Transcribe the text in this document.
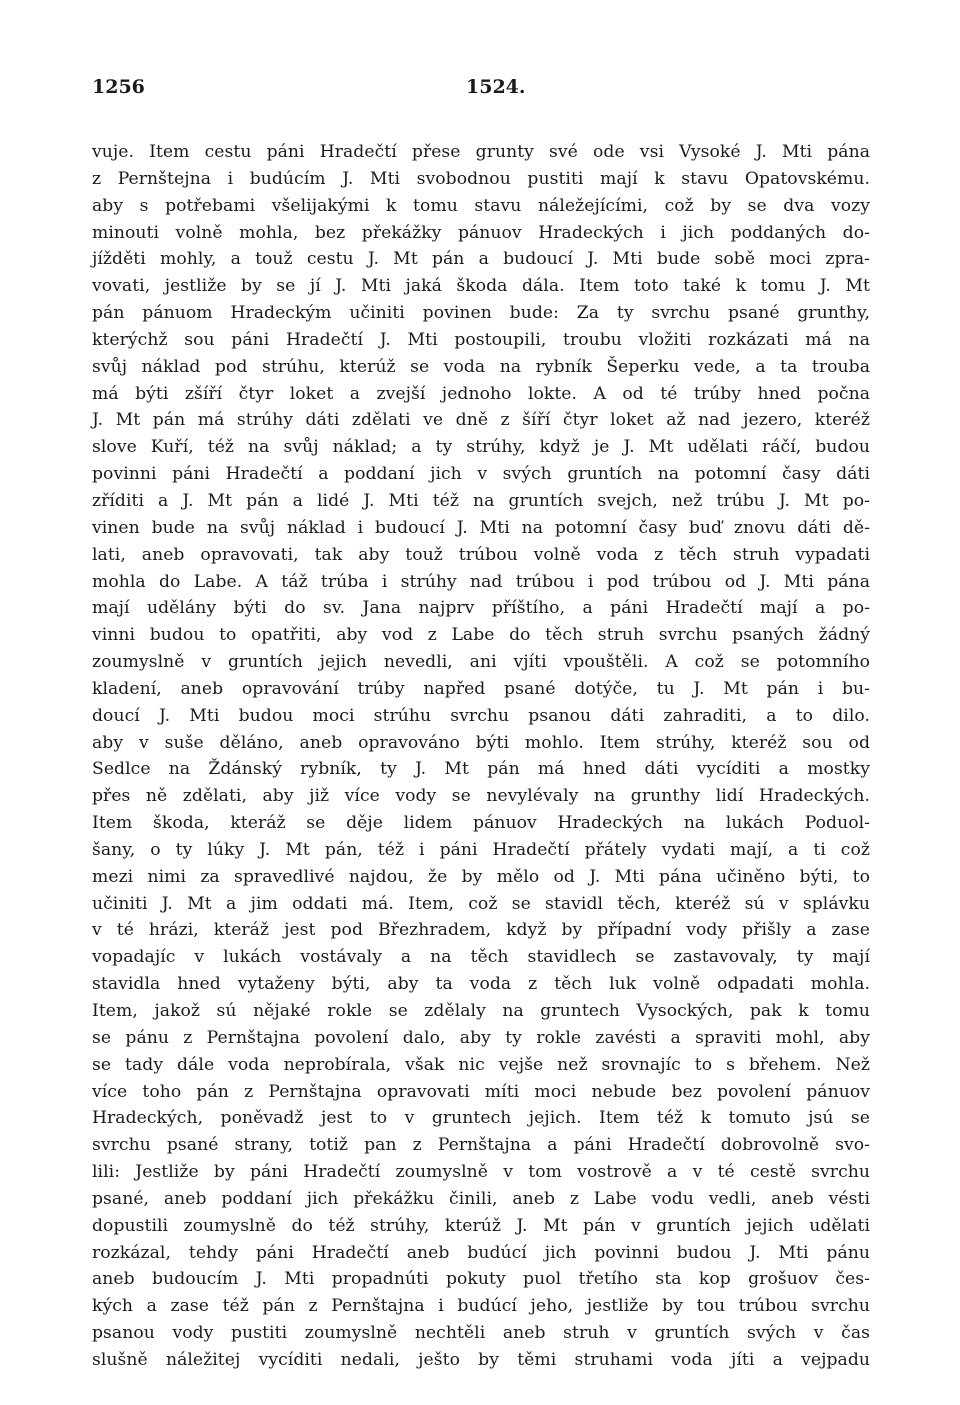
1256	1524.
vuje. Item cestu páni Hradečtí přese grunty své ode vsi Vysoké J. Mti pána
z Pernštejna i budúcím J. Mti svobodnou pustiti mají k stavu Opatovskému.
aby s potřebami všelijakými k tomu stavu náležejícími, což by se dva vozy
minouti volně mohla, bez překážky pánuov Hradeckých i jich poddaných do-
jížděti mohly, a touž cestu J. Mt pán a budoucí J. Mti bude sobě moci zpra-
vovati, jestliže by se jí J. Mti jaká škoda dála. Item toto také k tomu J. Mt
pán pánuom Hradeckým učiniti povinen bude: Za ty svrchu psané grunthy,
kterýchž sou páni Hradečtí J. Mti postoupili, troubu vložiti rozkázati má na
svůj náklad pod strúhu, kterúž se voda na rybník Šeperku vede, a ta trouba
má býti zšíří čtyr loket a zvejší jednoho lokte. A od té trúby hned počna
J. Mt pán má strúhy dáti zdělati ve dně z šíří čtyr loket až nad jezero, kteréž
slove Kuří, též na svůj náklad; a ty strúhy, když je J. Mt udělati ráčí, budou
povinni páni Hradečtí a poddaní jich v svých gruntích na potomní časy dáti
zříditi a J. Mt pán a lidé J. Mti též na gruntích svejch, než trúbu J. Mt po-
vinen bude na svůj náklad i budoucí J. Mti na potomní časy buď znovu dáti dě-
lati, aneb opravovati, tak aby touž trúbou volně voda z těch struh vypadati
mohla do Labe. A táž trúba i strúhy nad trúbou i pod trúbou od J. Mti pána
mají udělány býti do sv. Jana najprv příštího, a páni Hradečtí mají a po-
vinni budou to opatřiti, aby vod z Labe do těch struh svrchu psaných žádný
zoumyslně v gruntích jejich nevedli, ani vjíti vpouštěli. A což se potomního
kladení, aneb opravování trúby napřed psané dotýče, tu J. Mt pán i bu-
doucí J. Mti budou moci strúhu svrchu psanou dáti zahraditi, a to dilo.
aby v suše děláno, aneb opravováno býti mohlo. Item strúhy, kteréž sou od
Sedlce na Ždánský rybník, ty J. Mt pán má hned dáti vycíditi a mostky
přes ně zdělati, aby již více vody se nevylévaly na grunthy lidí Hradeckých.
Item škoda, kteráž se děje lidem pánuov Hradeckých na lukách Poduol-
šany, o ty lúky J. Mt pán, též i páni Hradečtí přátely vydati mají, a ti což
mezi nimi za spravedlivé najdou, že by mělo od J. Mti pána učiněno býti, to
učiniti J. Mt a jim oddati má. Item, což se stavidl těch, kteréž sú v splávku
v té hrázi, kteráž jest pod Březhradem, když by případní vody přišly a zase
vopadajíc v lukách vostávaly a na těch stavidlech se zastavovaly, ty mají
stavidla hned vytaženy býti, aby ta voda z těch luk volně odpadati mohla.
Item, jakož sú nějaké rokle se zdělaly na gruntech Vysockých, pak k tomu
se pánu z Pernštajna povolení dalo, aby ty rokle zavésti a spraviti mohl, aby
se tady dále voda neprobírala, však nic vejše než srovnajíc to s břehem. Než
více toho pán z Pernštajna opravovati míti moci nebude bez povolení pánuov
Hradeckých, poněvadž jest to v gruntech jejich. Item též k tomuto jsú se
svrchu psané strany, totiž pan z Pernštajna a páni Hradečtí dobrovolně svo-
lili: Jestliže by páni Hradečtí zoumyslně v tom vostrově a v té cestě svrchu
psané, aneb poddaní jich překážku činili, aneb z Labe vodu vedli, aneb vésti
dopustili zoumyslně do též strúhy, kterúž J. Mt pán v gruntích jejich udělati
rozkázal, tehdy páni Hradečtí aneb budúcí jich povinni budou J. Mti pánu
aneb budoucím J. Mti propadnúti pokuty puol třetího sta kop grošuov čes-
kých a zase též pán z Pernštajna i budúcí jeho, jestliže by tou trúbou svrchu
psanou vody pustiti zoumyslně nechtěli aneb struh v gruntích svých v čas
slušně náležitej vycíditi nedali, ješto by těmi struhami voda jíti a vejpadu
